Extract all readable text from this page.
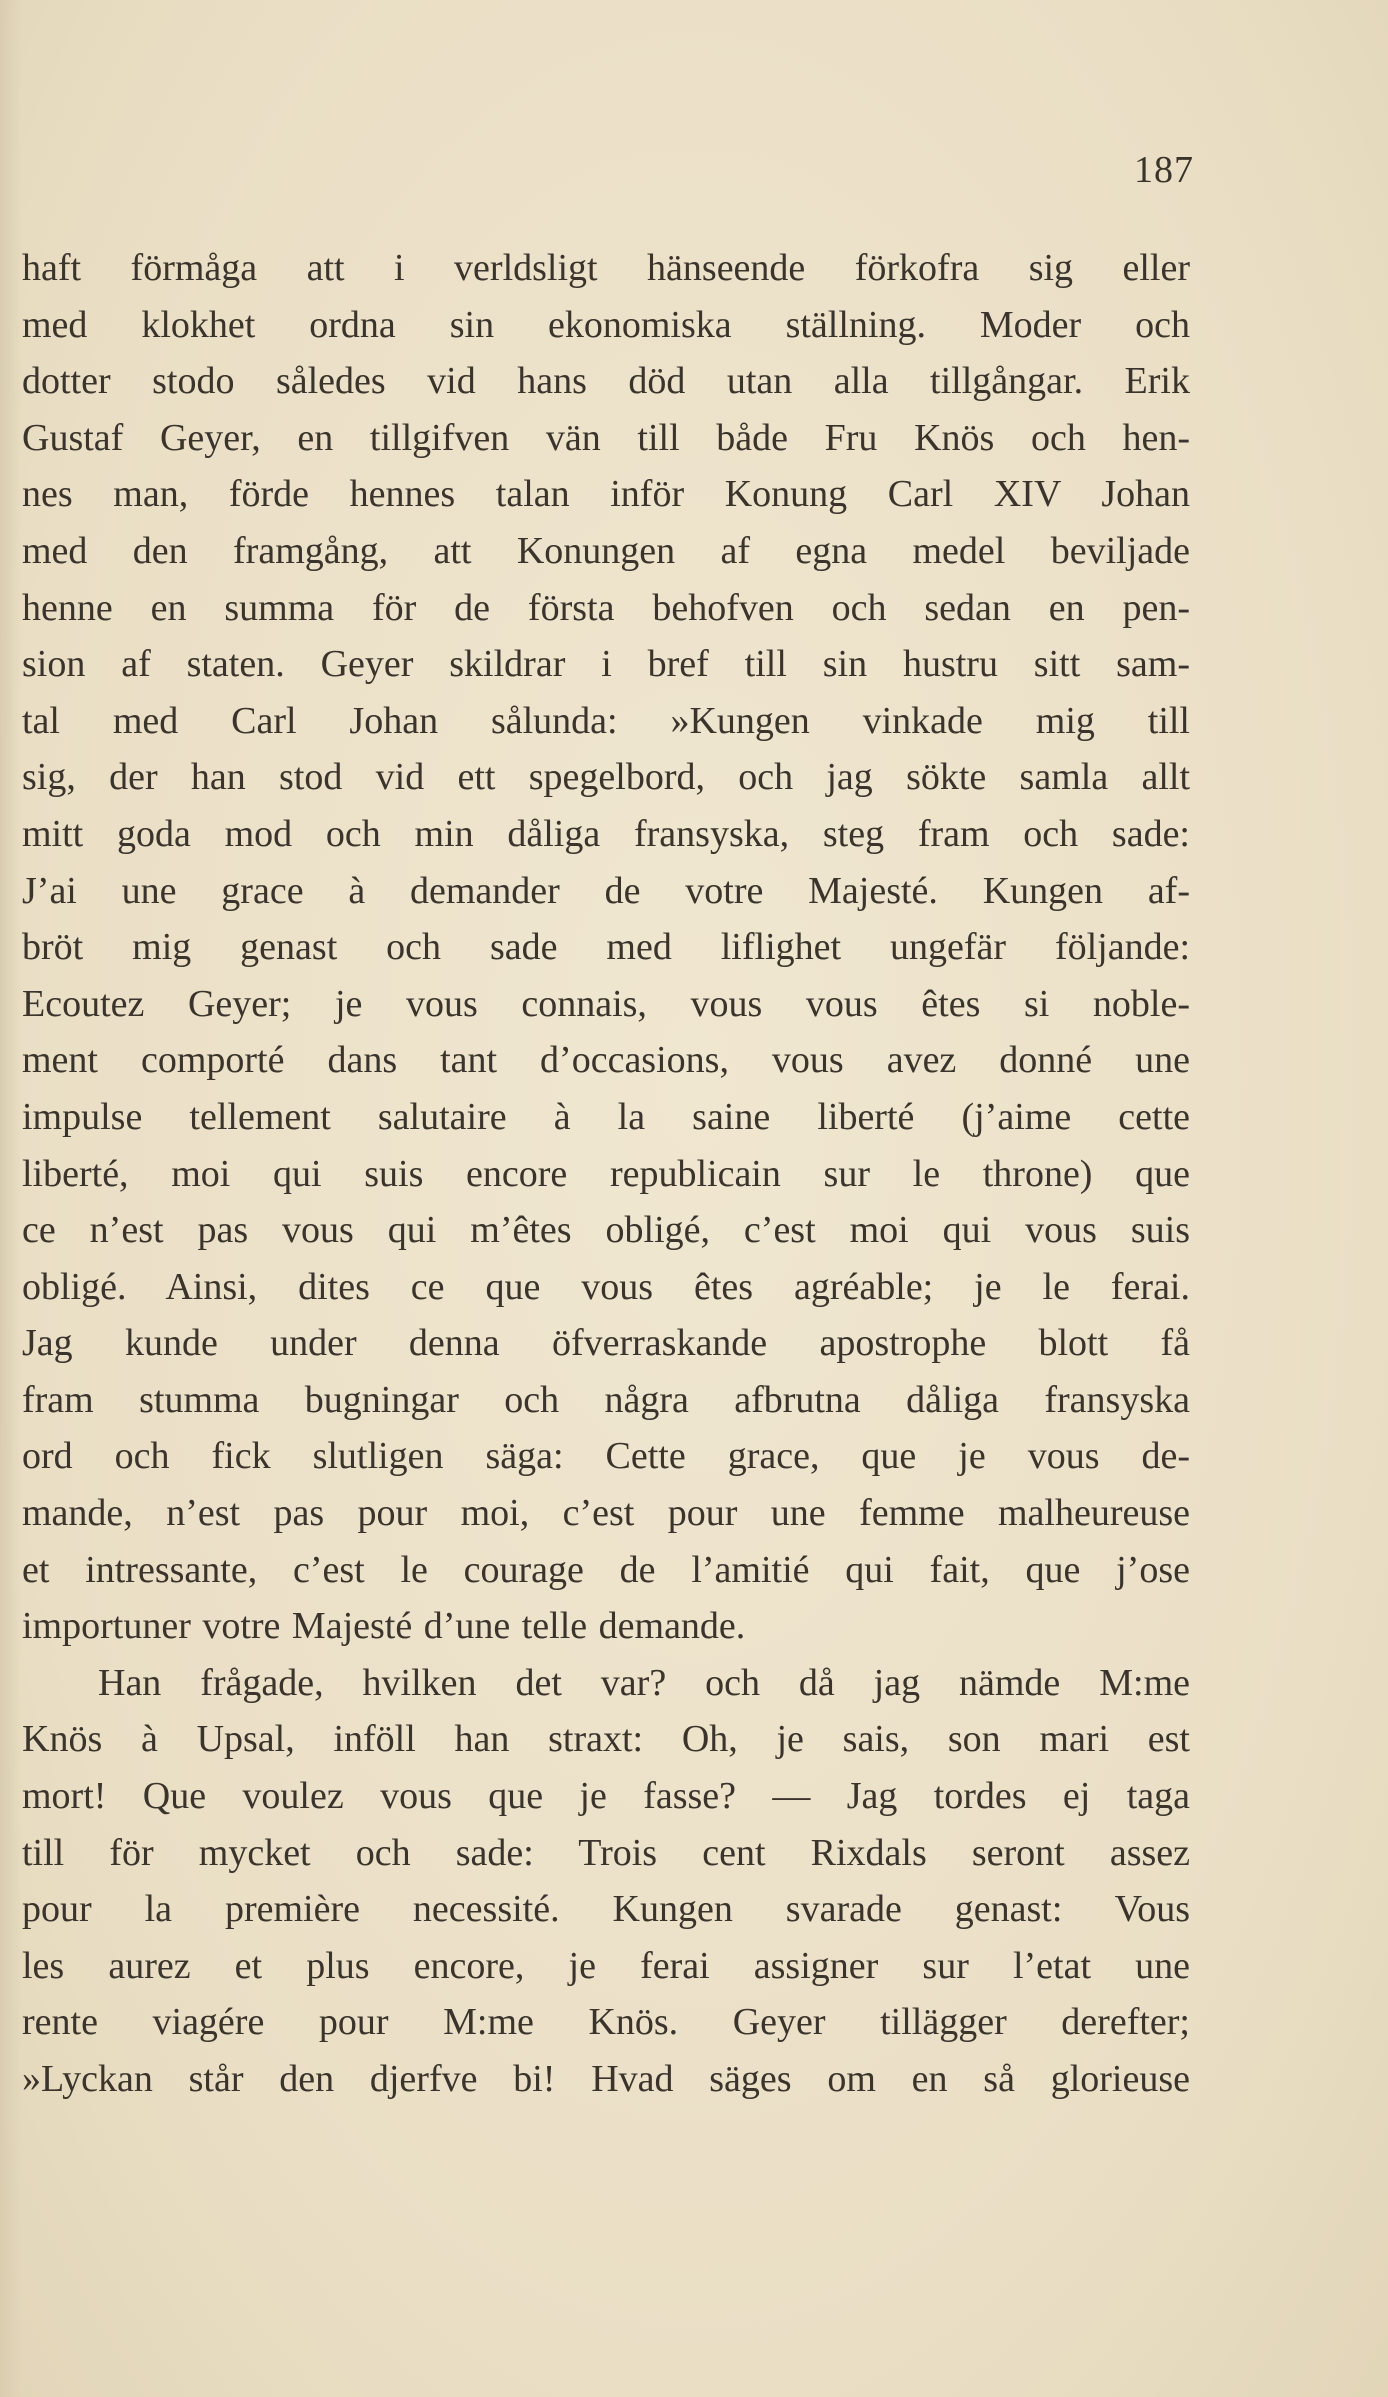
187
haft förmåga att i verldsligt hänseende förkofra sig eller
med klokhet ordna sin ekonomiska ställning. Moder och
dotter stodo således vid hans död utan alla tillgångar. Erik
Gustaf Geyer, en tillgifven vän till både Fru Knös och hen-
nes man, förde hennes talan inför Konung Carl XIV Johan
med den framgång, att Konungen af egna medel beviljade
henne en summa för de första behofven och sedan en pen-
sion af staten. Geyer skildrar i bref till sin hustru sitt sam-
tal med Carl Johan sålunda: »Kungen vinkade mig till
sig, der han stod vid ett spegelbord, och jag sökte samla allt
mitt goda mod och min dåliga fransyska, steg fram och sade:
J’ai une grace à demander de votre Majesté. Kungen af-
bröt mig genast och sade med liflighet ungefär följande:
Ecoutez Geyer; je vous connais, vous vous êtes si noble-
ment comporté dans tant d’occasions, vous avez donné une
impulse tellement salutaire à la saine liberté (j’aime cette
liberté, moi qui suis encore republicain sur le throne) que
ce n’est pas vous qui m’êtes obligé, c’est moi qui vous suis
obligé. Ainsi, dites ce que vous êtes agréable; je le ferai.
Jag kunde under denna öfverraskande apostrophe blott få
fram stumma bugningar och några afbrutna dåliga fransyska
ord och fick slutligen säga: Cette grace, que je vous de-
mande, n’est pas pour moi, c’est pour une femme malheureuse
et intressante, c’est le courage de l’amitié qui fait, que j’ose
importuner votre Majesté d’une telle demande.
Han frågade, hvilken det var? och då jag nämde M:me
Knös à Upsal, inföll han straxt: Oh, je sais, son mari est
mort! Que voulez vous que je fasse? — Jag tordes ej taga
till för mycket och sade: Trois cent Rixdals seront assez
pour la première necessité. Kungen svarade genast: Vous
les aurez et plus encore, je ferai assigner sur l’etat une
rente viagére pour M:me Knös. Geyer tillägger derefter;
»Lyckan står den djerfve bi! Hvad säges om en så glorieuse
